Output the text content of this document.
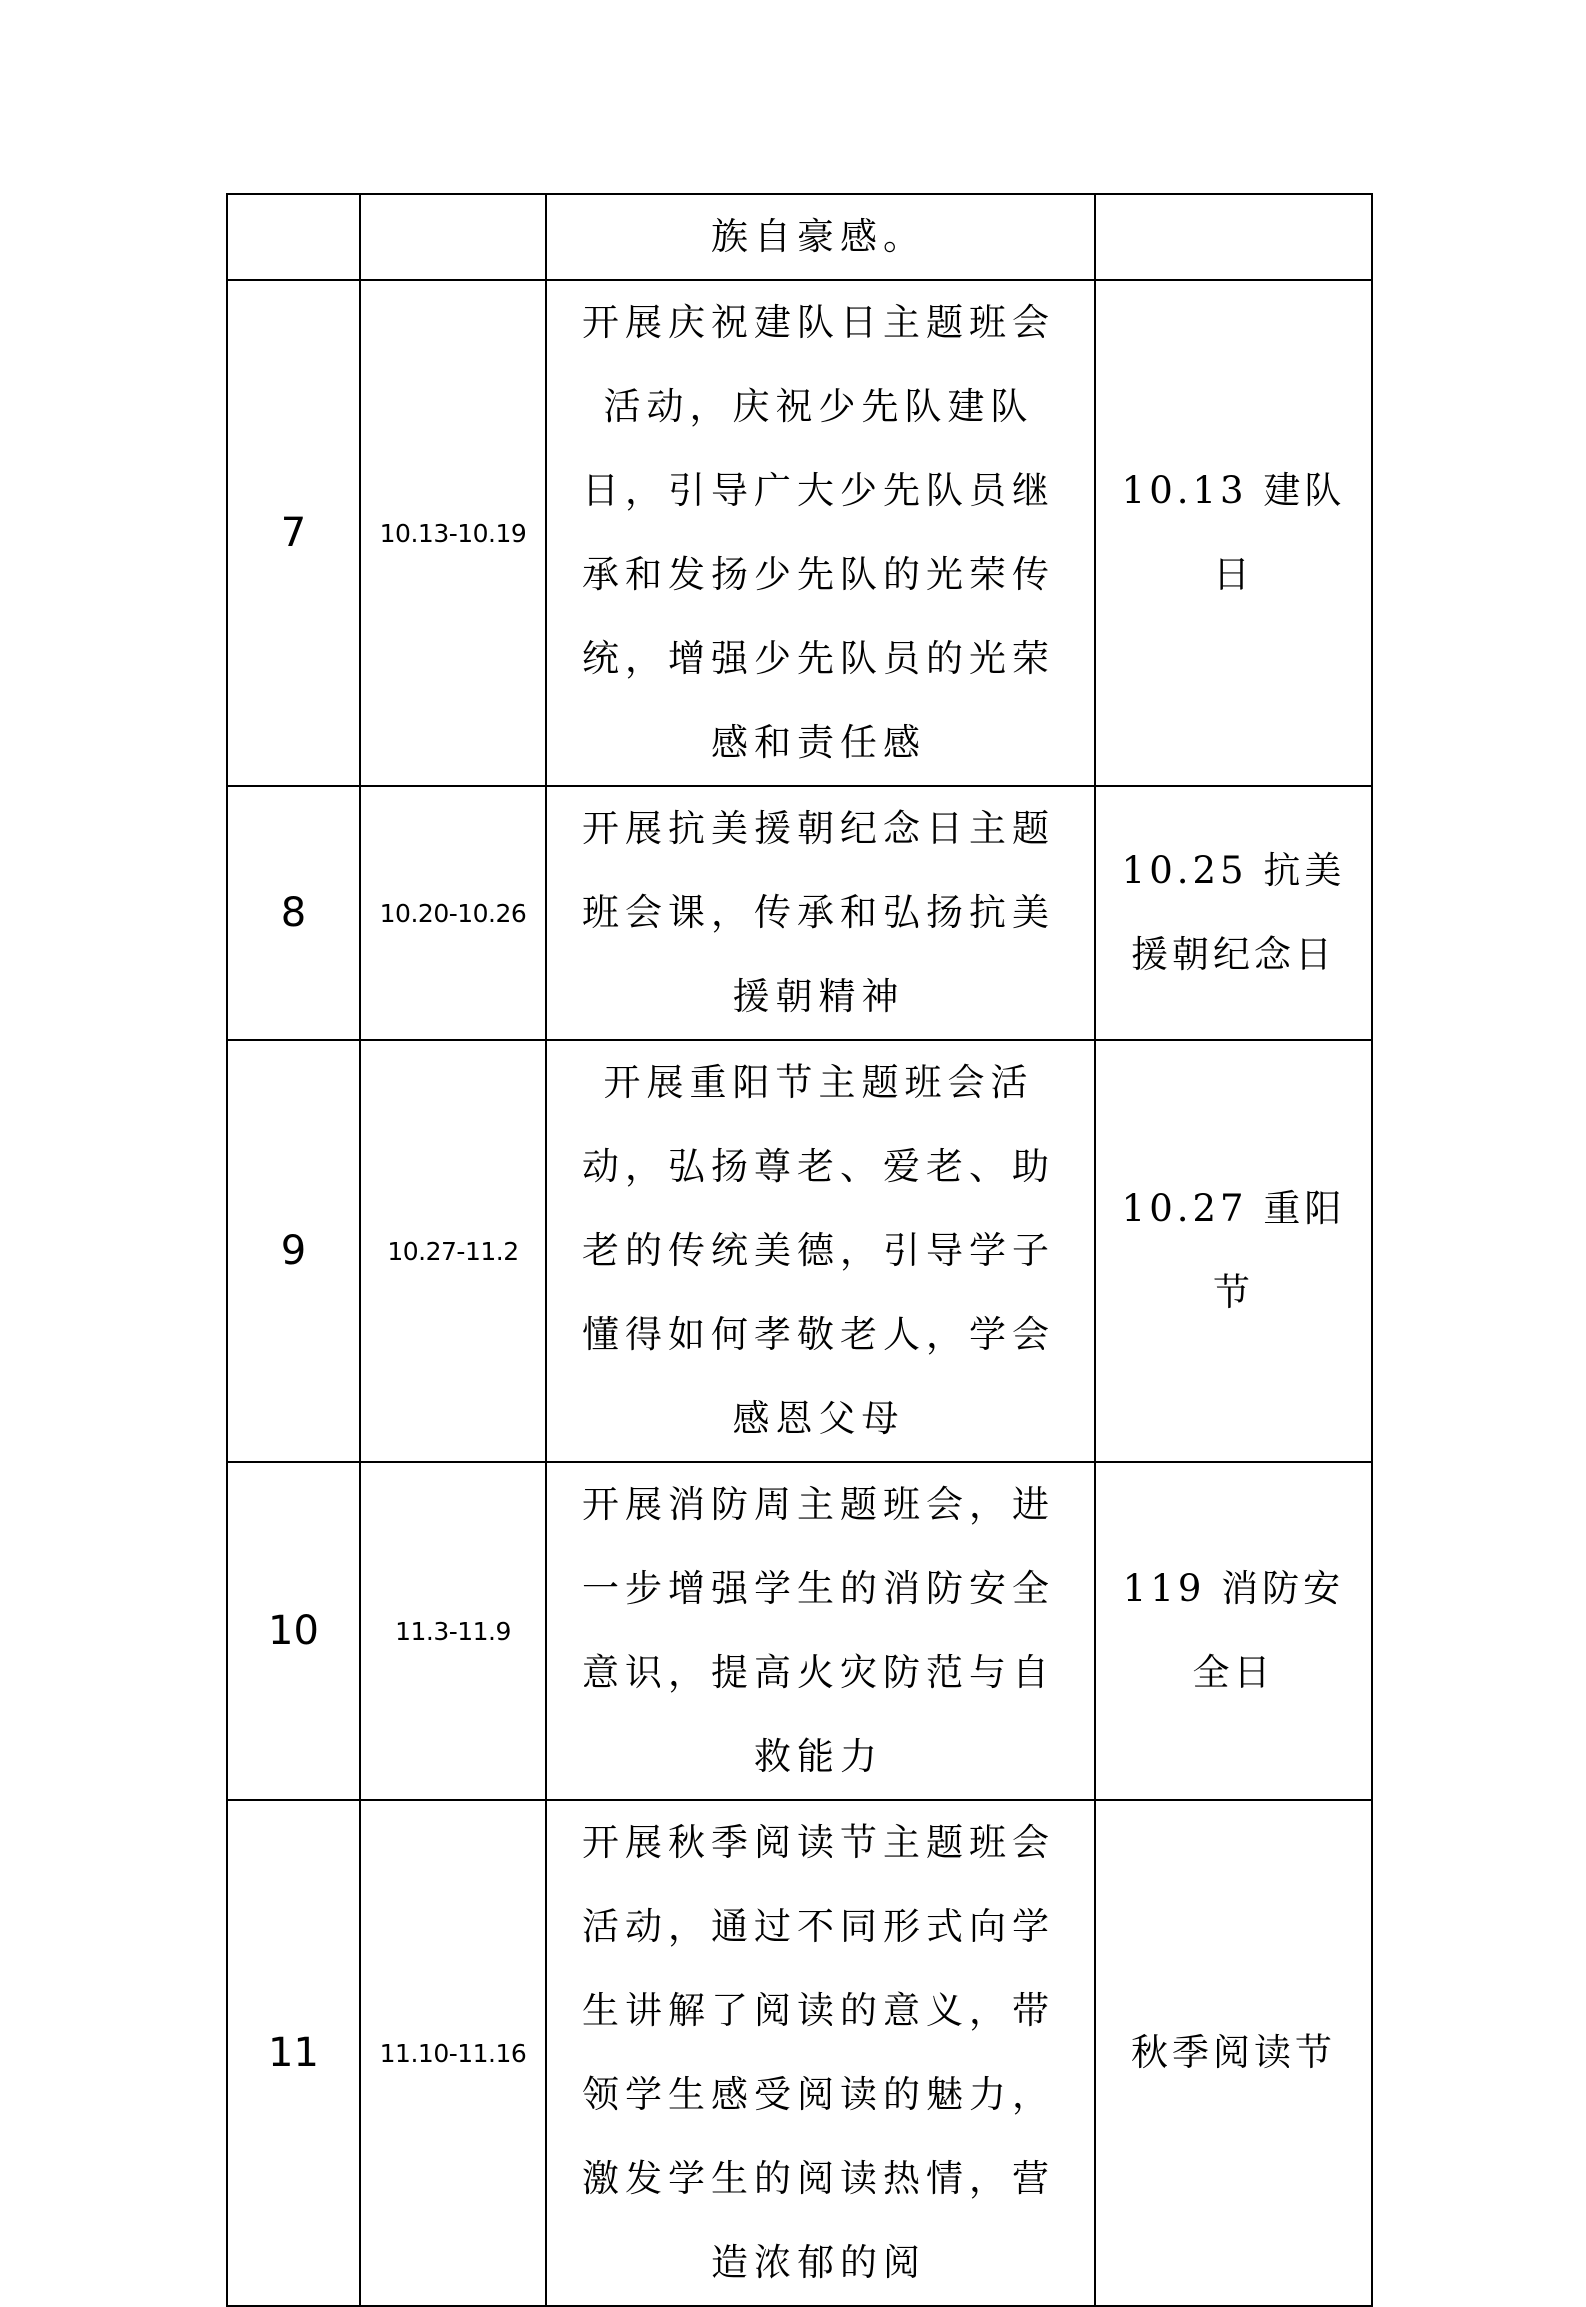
		族自豪感。	
7	10.13-10.19	开展庆祝建队日主题班会活动，庆祝少先队建队日，引导广大少先队员继承和发扬少先队的光荣传统，增强少先队员的光荣感和责任感	10.13 建队日
8	10.20-10.26	开展抗美援朝纪念日主题班会课，传承和弘扬抗美援朝精神	10.25 抗美援朝纪念日
9	10.27-11.2	开展重阳节主题班会活动，弘扬尊老、爱老、助老的传统美德，引导学子懂得如何孝敬老人，学会感恩父母	10.27 重阳节
10	11.3-11.9	开展消防周主题班会，进一步增强学生的消防安全意识，提高火灾防范与自救能力	119 消防安全日
11	11.10-11.16	开展秋季阅读节主题班会活动，通过不同形式向学生讲解了阅读的意义，带领学生感受阅读的魅力，激发学生的阅读热情，营造浓郁的阅	秋季阅读节
